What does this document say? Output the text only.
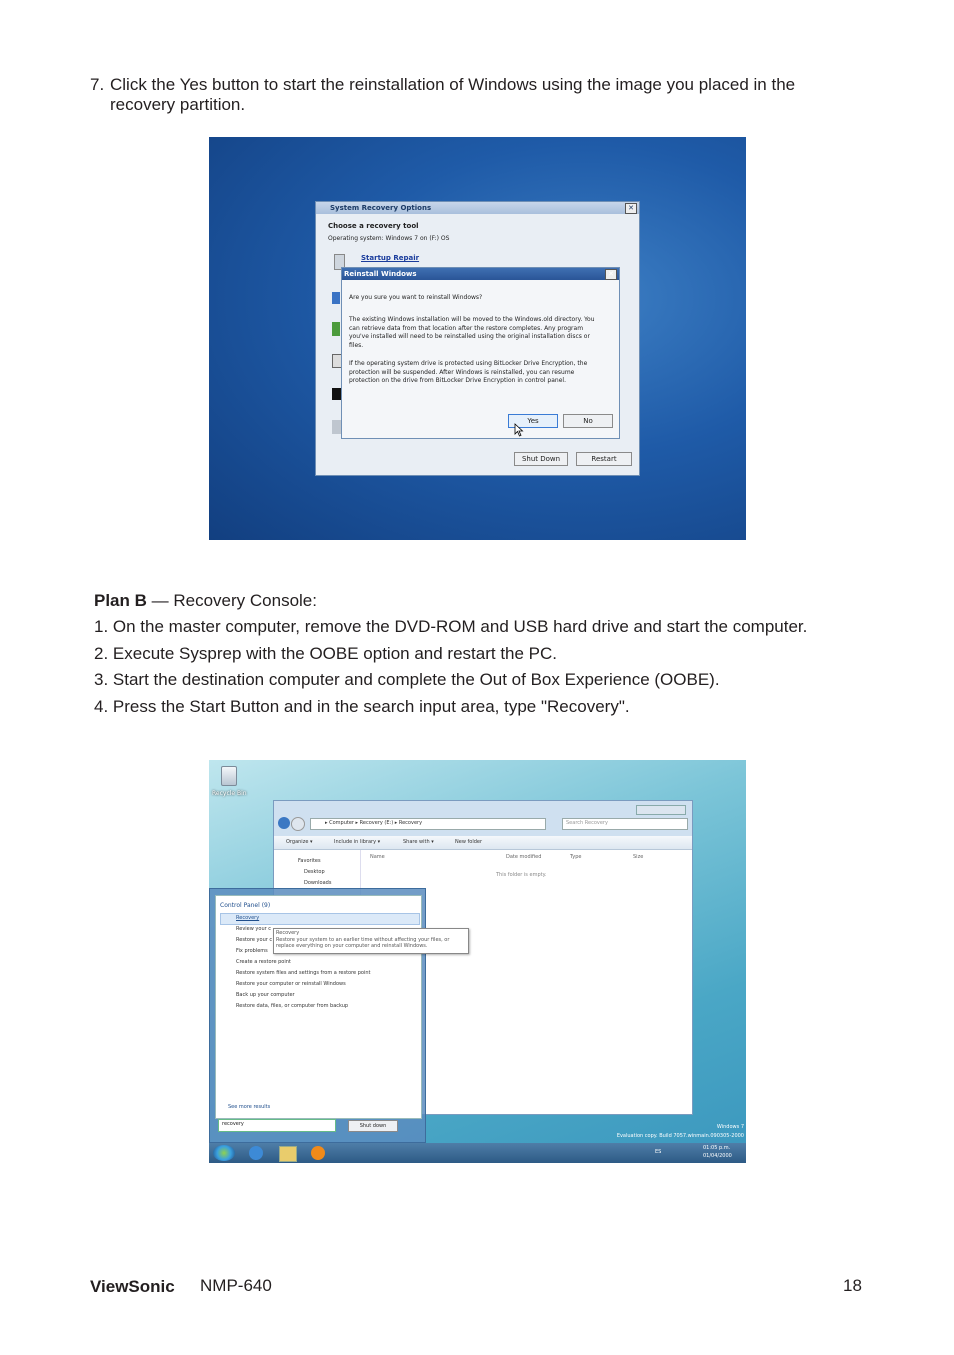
7. Click the Yes button to start the reinstallation of Windows using the image you placed in the
recovery partition.
System Recovery Options	✕
Choose a recovery tool
Operating system: Windows 7 on (F:) OS
Startup Repair
Shut Down	Restart
Reinstall Windows	✕
Are you sure you want to reinstall Windows?
The existing Windows installation will be moved to the Windows.old directory. You can retrieve data from that location after the restore completes. Any program you've installed will need to be reinstalled using the original installation discs or files.
If the operating system drive is protected using BitLocker Drive Encryption, the protection will be suspended. After Windows is reinstalled, you can resume protection on the drive from BitLocker Drive Encryption in control panel.
Yes	No
Plan B — Recovery Console:
1. On the master computer, remove the DVD-ROM and USB hard drive and start the computer.
2. Execute Sysprep with the OOBE option and restart the PC.
3. Start the destination computer and complete the Out of Box Experience (OOBE).
4. Press the Start Button and in the search input area, type "Recovery".
Recycle Bin
▸ Computer ▸ Recovery (E:) ▸ Recovery	Search Recovery
Organize ▾	Include in library ▾	Share with ▾	New folder
Favorites
Desktop
Downloads
Name	Date modified	Type	Size
This folder is empty.
Control Panel (9)
Recovery
Review your c
Restore your c
Fix problems
Create a restore point
Restore system files and settings from a restore point
Restore your computer or reinstall Windows
Back up your computer
Restore data, files, or computer from backup
See more results
recovery	Shut down
Recovery
Restore your system to an earlier time without affecting your files, or replace everything on your computer and reinstall Windows.
Windows 7
Evaluation copy. Build 7057.winmain.090305-2000
ES
01:05 p.m.
01/04/2000
ViewSonic NMP-640	18
